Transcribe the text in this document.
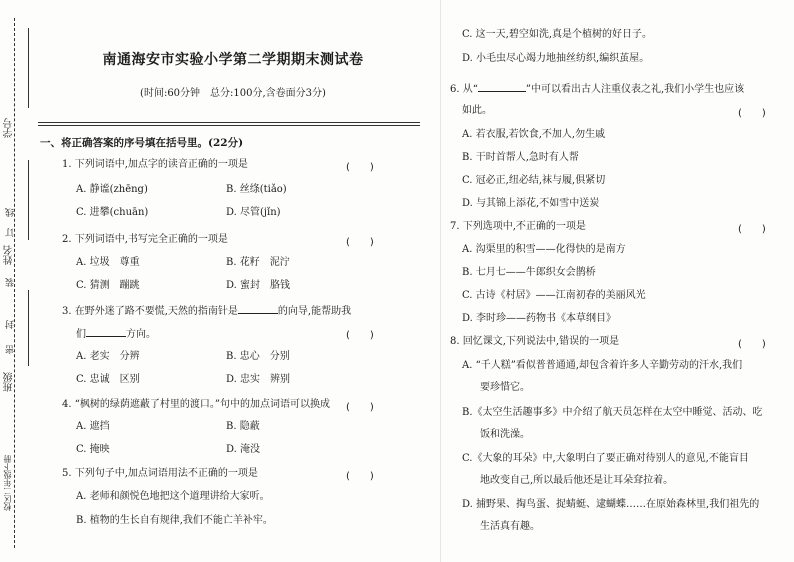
学号
姓名
班级
校区二年级下册
线
订
装
封
密
南通海安市实验小学第二学期期末测试卷
(时间:60分钟　总分:100分,含卷面分3分)
一、将正确答案的序号填在括号里。(22分)
1. 下列词语中,加点字的读音正确的一项是	(　　)
A. 静谧(zhēng)	B. 丝绦(tiǎo)
C. 进攀(chuān)	D. 尽管(jǐn)
2. 下列词语中,书写完全正确的一项是	(　　)
A. 垃圾　尊重	B. 花籽　泥泞
C. 猜测　蹦跳	D. 蜜封　胳钱
3. 在野外迷了路不要慌,天然的指南针是	的向导,能帮助我
们	方向。	(　　)
A. 老实　分辨	B. 忠心　分别
C. 忠诚　区别	D. 忠实　辨别
4. “枫树的绿荫遮蔽了村里的渡口。”句中的加点词语可以换成 (　　)
A. 遮挡	B. 隐蔽
C. 掩映	D. 淹没
5. 下列句子中,加点词语用法不正确的一项是	(　　)
A. 老师和颜悦色地把这个道理讲给大家听。
B. 植物的生长自有规律,我们不能亡羊补牢。
C. 这一天,碧空如洗,真是个植树的好日子。
D. 小毛虫尽心竭力地抽丝纺织,编织茧屋。
6. 从“	”中可以看出古人注重仪表之礼,我们小学生也应该
如此。	(　　)
A. 若衣服,若饮食,不加人,勿生戚
B. 干时首帮人,急时有人帮
C. 冠必正,纽必结,袜与履,俱紧切
D. 与其锦上添花,不如雪中送炭
7. 下列选项中,不正确的一项是	(　　)
A. 沟渠里的积雪——化得快的是南方
B. 七月七——牛郎织女会鹊桥
C. 古诗《村居》——江南初春的美丽风光
D. 李时珍——药物书《本草纲目》
8. 回忆课文,下列说法中,错误的一项是	(　　)
A. “千人糕”看似普普通通,却包含着许多人辛勤劳动的汗水,我们
要珍惜它。
B.《太空生活趣事多》中介绍了航天员怎样在太空中睡觉、活动、吃
饭和洗澡。
C.《大象的耳朵》中,大象明白了要正确对待别人的意见,不能盲目
地改变自己,所以最后他还是让耳朵耷拉着。
D. 捕野果、掏鸟蛋、捉蜻蜓、逮蝴蝶……在原始森林里,我们祖先的
生活真有趣。
